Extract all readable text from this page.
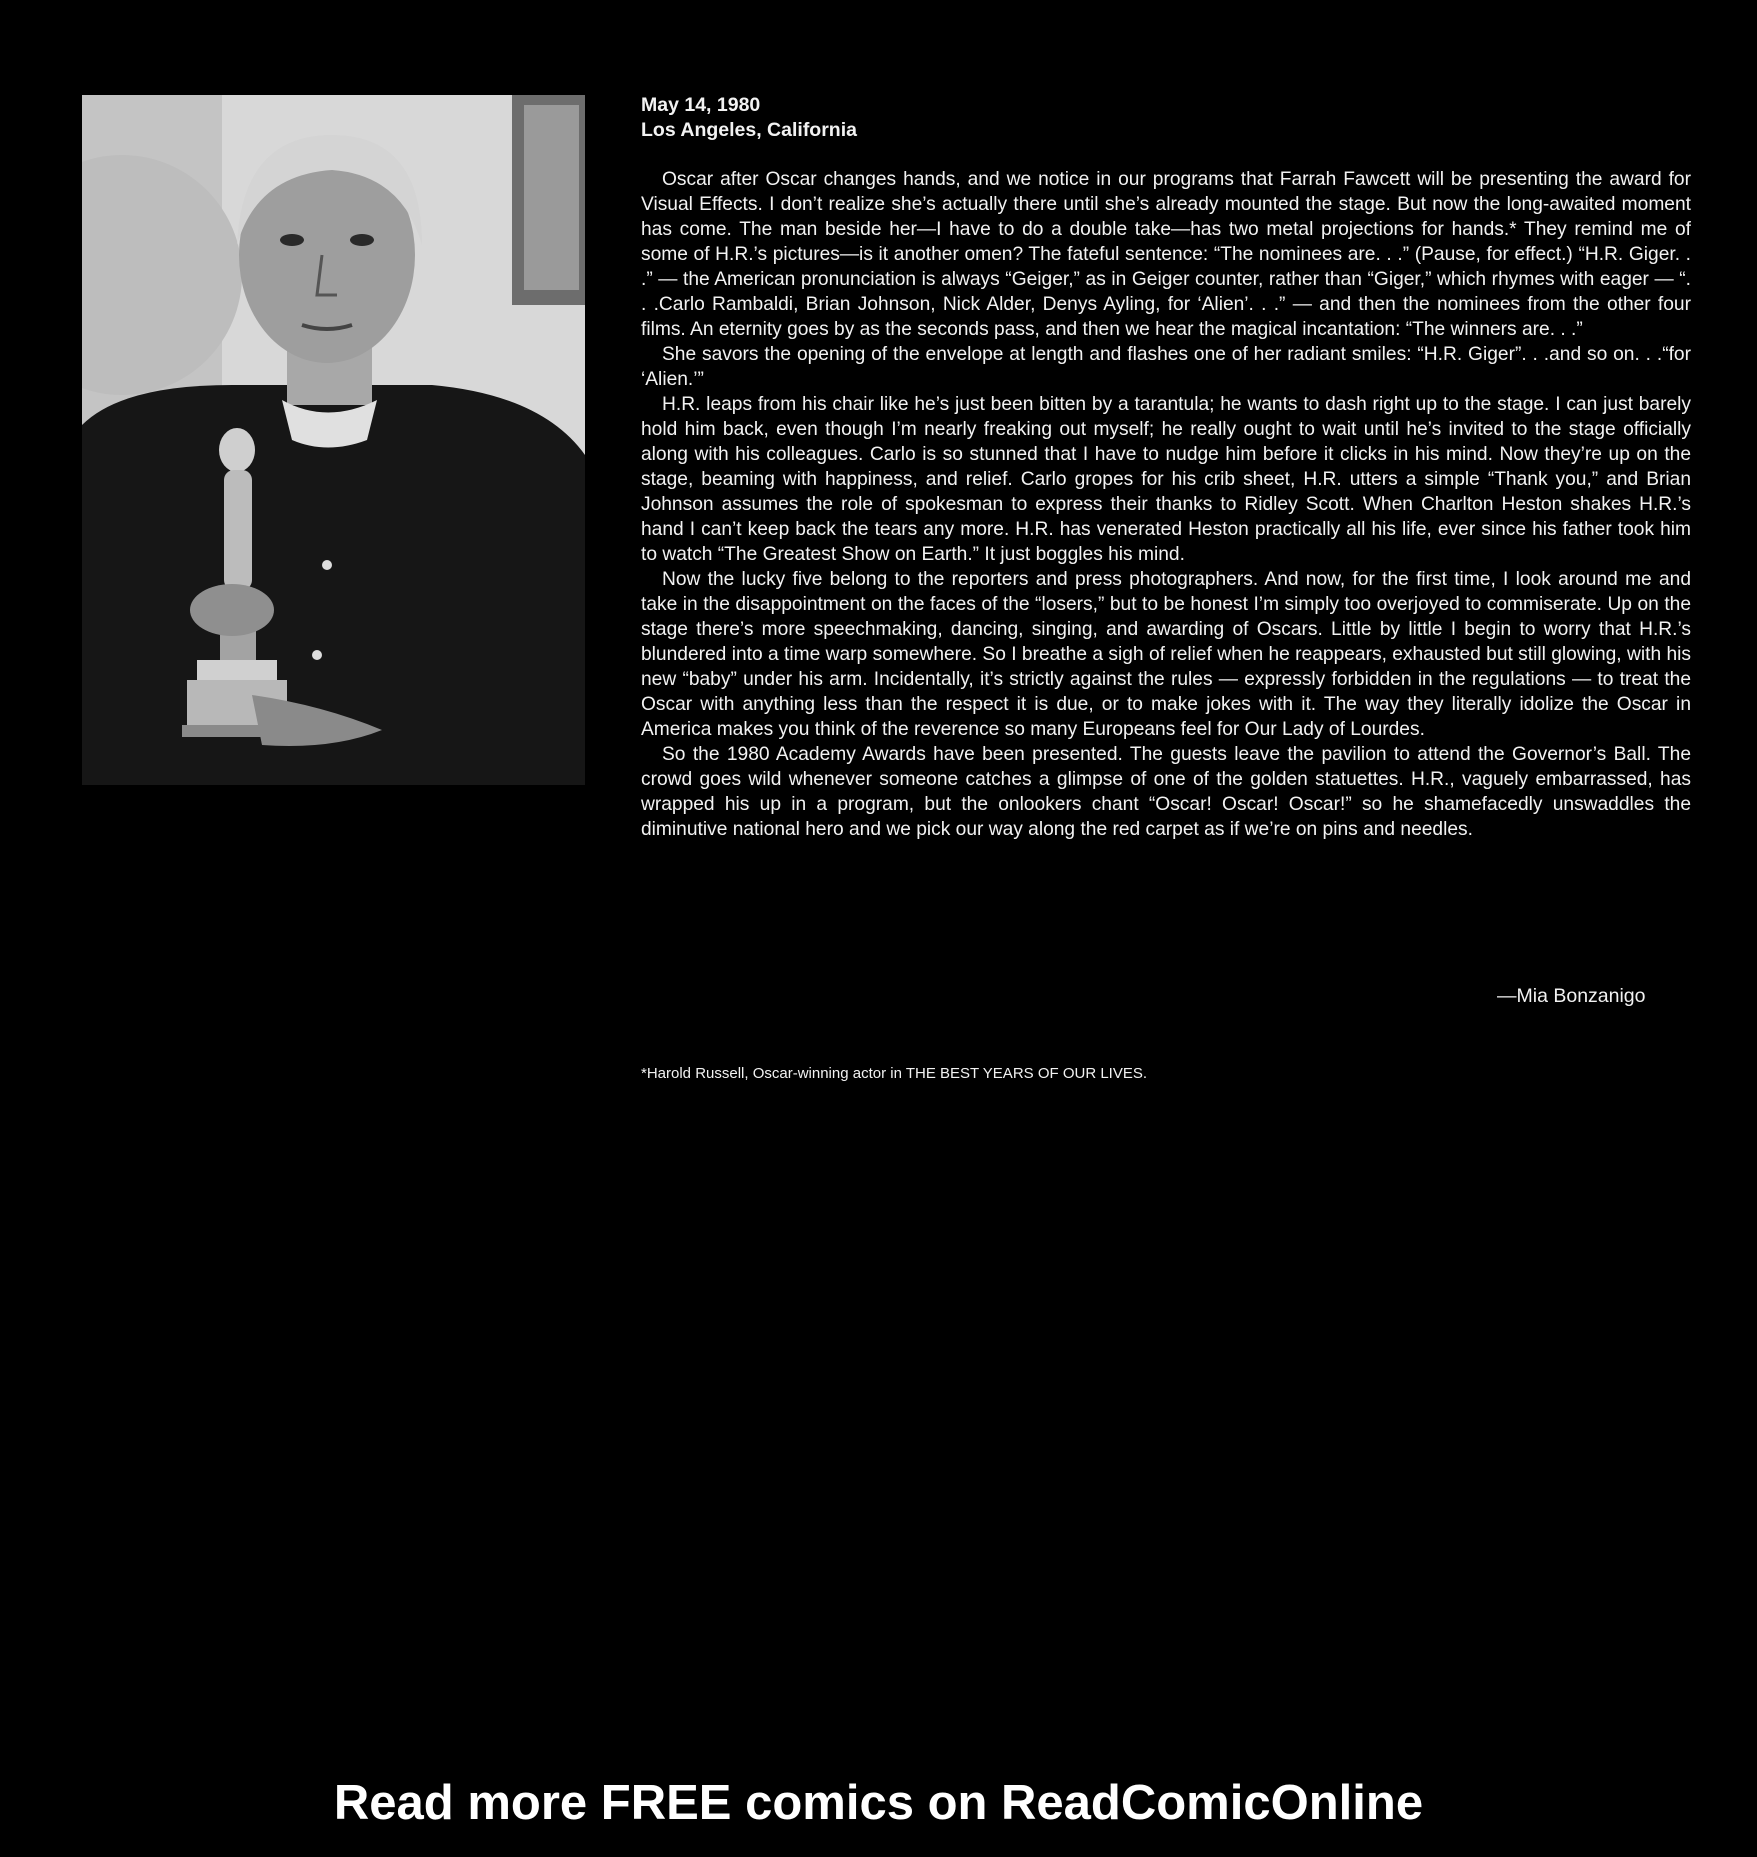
May 14, 1980
Los Angeles, California

Oscar after Oscar changes hands, and we notice in our programs that Farrah Fawcett will be presenting the award for Visual Effects. I don’t realize she’s actually there until she’s already mounted the stage. But now the long-awaited moment has come. The man beside her—I have to do a double take—has two metal projections for hands.* They remind me of some of H.R.’s pictures—is it another omen? The fateful sentence: “The nominees are. . .” (Pause, for effect.) “H.R. Giger. . .” — the American pronunciation is always “Geiger,” as in Geiger counter, rather than “Giger,” which rhymes with eager — “. . .Carlo Rambaldi, Brian Johnson, Nick Alder, Denys Ayling, for ‘Alien’. . .” — and then the nominees from the other four films. An eternity goes by as the seconds pass, and then we hear the magical incantation: “The winners are. . .”

She savors the opening of the envelope at length and flashes one of her radiant smiles: “H.R. Giger”. . .and so on. . .“for ‘Alien.’”

H.R. leaps from his chair like he’s just been bitten by a tarantula; he wants to dash right up to the stage. I can just barely hold him back, even though I’m nearly freaking out myself; he really ought to wait until he’s invited to the stage officially along with his colleagues. Carlo is so stunned that I have to nudge him before it clicks in his mind. Now they’re up on the stage, beaming with happiness, and relief. Carlo gropes for his crib sheet, H.R. utters a simple “Thank you,” and Brian Johnson assumes the role of spokesman to express their thanks to Ridley Scott. When Charlton Heston shakes H.R.’s hand I can’t keep back the tears any more. H.R. has venerated Heston practically all his life, ever since his father took him to watch “The Greatest Show on Earth.” It just boggles his mind.

Now the lucky five belong to the reporters and press photographers. And now, for the first time, I look around me and take in the disappointment on the faces of the “losers,” but to be honest I’m simply too overjoyed to commiserate. Up on the stage there’s more speechmaking, dancing, singing, and awarding of Oscars. Little by little I begin to worry that H.R.’s blundered into a time warp somewhere. So I breathe a sigh of relief when he reappears, exhausted but still glowing, with his new “baby” under his arm. Incidentally, it’s strictly against the rules — expressly forbidden in the regulations — to treat the Oscar with anything less than the respect it is due, or to make jokes with it. The way they literally idolize the Oscar in America makes you think of the reverence so many Europeans feel for Our Lady of Lourdes.

So the 1980 Academy Awards have been presented. The guests leave the pavilion to attend the Governor’s Ball. The crowd goes wild whenever someone catches a glimpse of one of the golden statuettes. H.R., vaguely embarrassed, has wrapped his up in a program, but the onlookers chant “Oscar! Oscar! Oscar!” so he shamefacedly unswaddles the diminutive national hero and we pick our way along the red carpet as if we’re on pins and needles.

—Mia Bonzanigo
*Harold Russell, Oscar-winning actor in THE BEST YEARS OF OUR LIVES.
Read more FREE comics on ReadComicOnline
